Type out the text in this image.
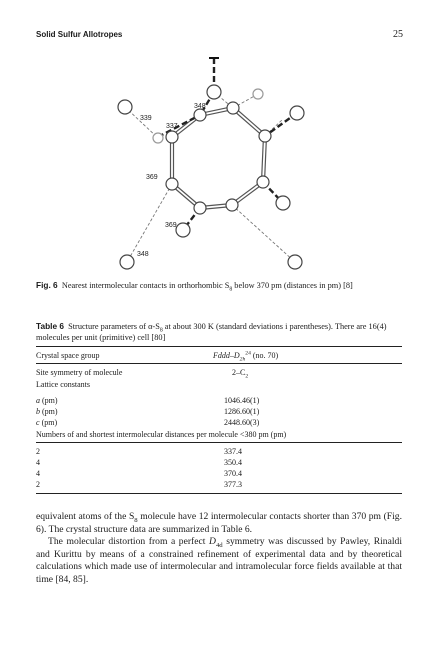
Solid Sulfur Allotropes	25
339
337
348
369
369
348
Fig. 6 Nearest intermolecular contacts in orthorhombic $S_8$ below 370 pm (distances in pm) [8]
Table 6 Structure parameters of $\alpha-S_8$ at about 300 K (standard deviations i parentheses). There are 16(4) molecules per unit (primitive) cell [80]
Crystal space group	Fddd–$D_{2h}^{24}$ (no. 70)
Site symmetry of molecule	$2-C_2$
Lattice constants
a (pm)	1046.46(1)
b (pm)	1286.60(1)
c (pm)	2448.60(3)
Numbers of and shortest intermolecular distances per molecule <380 pm (pm)
2	337.4
4	350.4
4	370.4
2	377.3

equivalent atoms of the $S_8$ molecule have 12 intermolecular contacts shorter than 370 pm (Fig. 6). The crystal structure data are summarized in Table 6.

The molecular distortion from a perfect $D_{4d}$ symmetry was discussed by Pawley, Rinaldi and Kurittu by means of a constrained refinement of experimental data and by theoretical calculations which made use of intermolecular and intramolecular force fields available at that time [84, 85].
